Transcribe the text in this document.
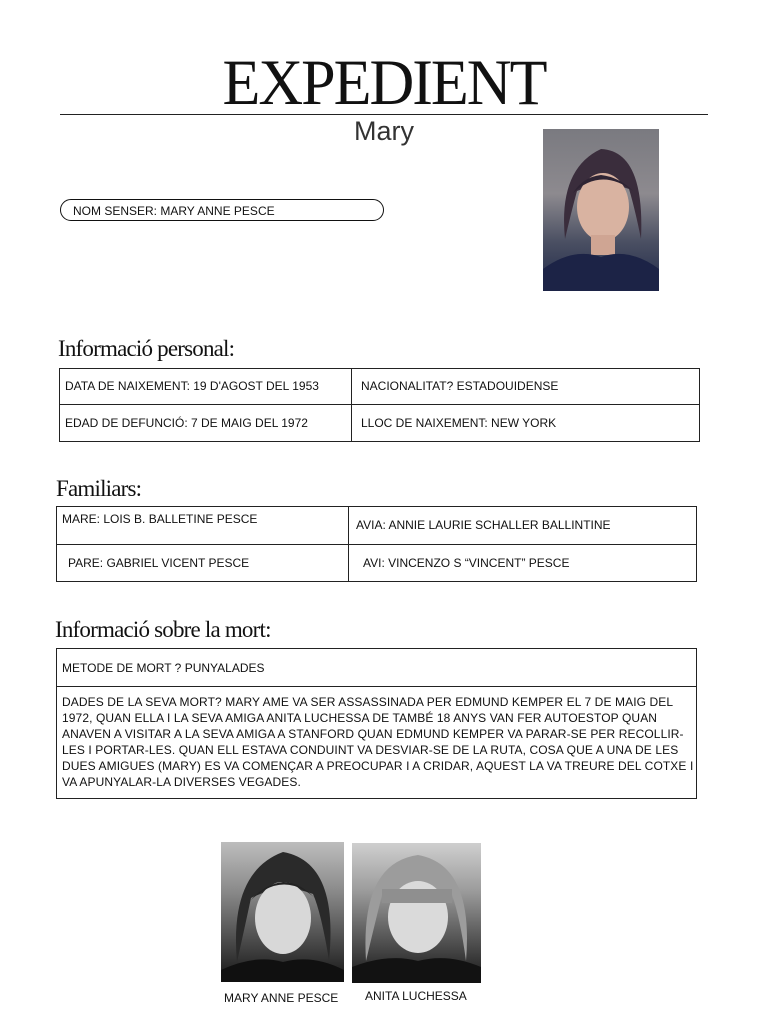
EXPEDIENT
Mary
NOM SENSER: MARY ANNE PESCE
Informació personal:
DATA DE NAIXEMENT: 19 D'AGOST DEL 1953	NACIONALITAT? ESTADOUIDENSE
EDAD DE DEFUNCIÓ: 7 DE MAIG DEL 1972	LLOC DE NAIXEMENT: NEW YORK
Familiars:
MARE: LOIS B. BALLETINE PESCE	AVIA: ANNIE LAURIE SCHALLER BALLINTINE
PARE: GABRIEL VICENT PESCE	AVI: VINCENZO S “VINCENT” PESCE
Informació sobre la mort:
METODE DE MORT ? PUNYALADES
DADES DE LA SEVA MORT? MARY AME VA SER ASSASSINADA PER EDMUND KEMPER EL 7 DE MAIG DEL 1972, QUAN ELLA I LA SEVA AMIGA ANITA LUCHESSA DE TAMBÉ 18 ANYS VAN FER AUTOESTOP QUAN ANAVEN A VISITAR A LA SEVA AMIGA A STANFORD QUAN EDMUND KEMPER VA PARAR-SE PER RECOLLIR-LES I PORTAR-LES. QUAN ELL ESTAVA CONDUINT VA DESVIAR-SE DE LA RUTA, COSA QUE A UNA DE LES DUES AMIGUES (MARY) ES VA COMENÇAR A PREOCUPAR I A CRIDAR, AQUEST LA VA TREURE DEL COTXE I VA APUNYALAR-LA DIVERSES VEGADES.
MARY ANNE PESCE ANITA LUCHESSA
